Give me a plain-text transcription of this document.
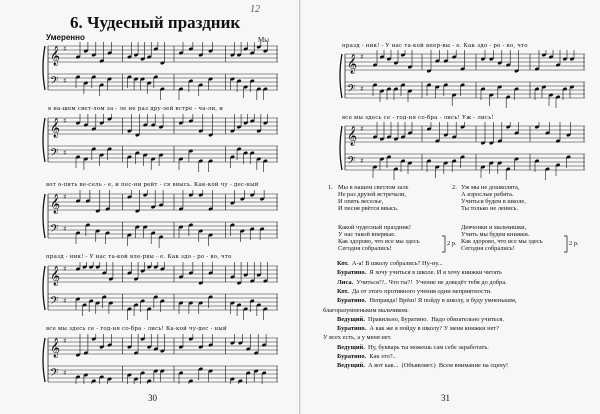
6. Чудесный праздник
12
Умеренно	Мы
𝄞
𝄢
♯
♯
в на-шем свет-лом за - ле не раз дру-зей встре - ча-ли, и
𝄞
𝄢
♯
♯
вот о-пять ве-сель - е, и пес-ни рейт - ся ввысь. Как-кой чу - дес-ный
𝄞
𝄢
♯
♯
празд - ник! - У нас та-кой вле-рвы - е. Как здо - ро - во, что
𝄞
𝄢
♯
♯
все мы здесь се - год-ня со-бра - лись! Ка-кой чу-дес - ный
𝄞
𝄢
♯
♯
30
празд - ник! - У нас та-кой впер-вы - е. Как здо - ро - во, что
𝄞
𝄢
♯
♯
все мы здесь се - год-ня со-бра - лись! Уж - лись!
𝄞
𝄢
♯
♯
1. Мы в нашем светлом зале
Не раз друзей встречали,
И опять веселье,
И песня рвётся ввысь.
2. Уж мы не дошколята,
А взрослые ребята.
Учиться будем в школе,
Ты только не ленись.
Какой чудесный праздник!
У нас такой впервые.
Как здорово, что все мы здесь
Сегодня собрались!
2 р.
Девчонки и мальчишки,
Учить мы будем книжки.
Как здорово, что все мы здесь
Сегодня собрались!
2 р.
Кот.  А-а! В школу собрались? Ну-ну...
Буратино.  Я хочу учиться в школе. И я хочу книжки читать
Лиса.  Учиться!?.. Что ты?!  Учение не доведёт тебя до добра.
Кот.  Да от этого противного учения одни неприятности.
Буратино.  Неправда! Врёш! Я пойду в школу, я буду умненьким,
благоразумненьким мальчиком.
Ведущий.  Правильно, Буратино.  Надо обязательно учиться.
Буратино.  А как же я пойду в школу? У меня книжки нет?
У всех есть, а у меня нет.
Ведущий.  Ну, букварь ты можешь сам себе заработать.
Буратино.  Как это?..
Ведущий.  А вот как...  (Объявляет.)  Всем внимание на сцену!
31
